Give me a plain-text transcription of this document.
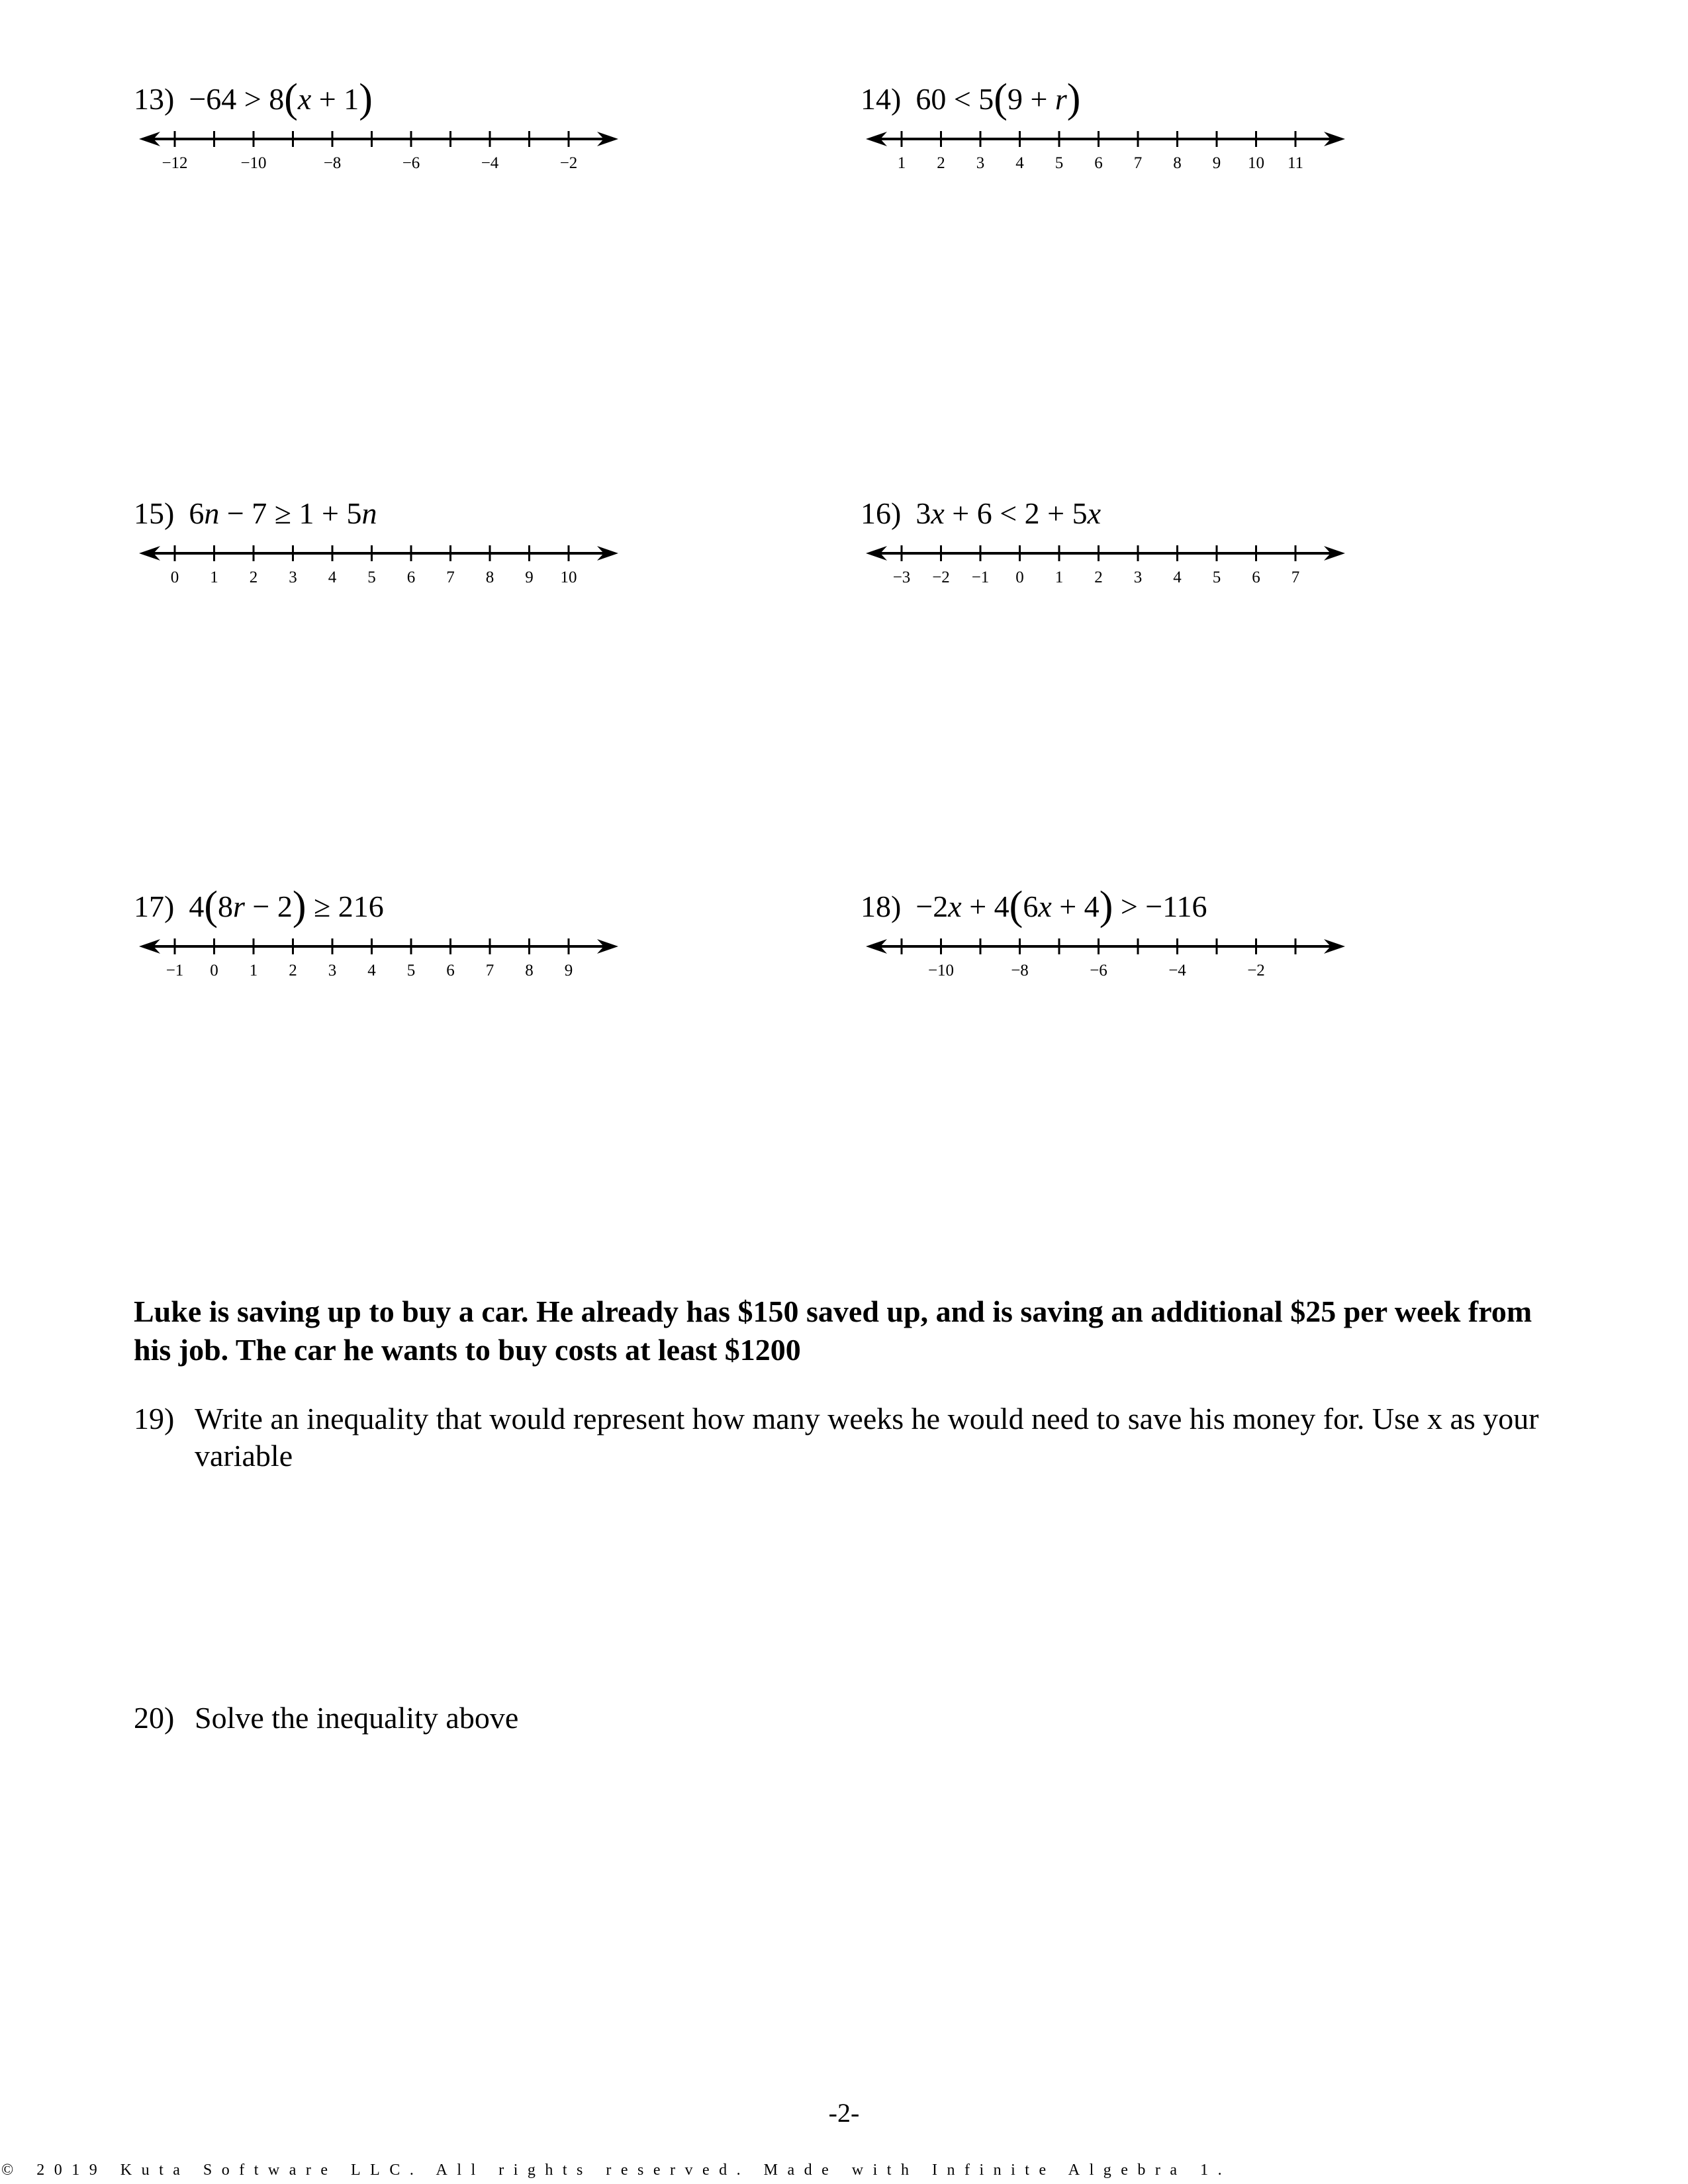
13) −64 > 8(x + 1)
−12	−10	−8	−6	−4	−2
14) 60 < 5(9 + r)
1 2 3 4 5 6 7 8 9 10 11
15) 6n − 7 ≥ 1 + 5n
0 1 2 3 4 5 6 7 8 9 10
16) 3x + 6 < 2 + 5x
−3 −2 −1 0 1 2 3 4 5 6 7
17) 4(8r − 2) ≥ 216
−1 0 1 2 3 4 5 6 7 8 9
18) −2x + 4(6x + 4) > −116
−10	−8	−6	−4	−2
Luke is saving up to buy a car. He already has $150 saved up, and is saving an additional $25 per week from his job. The car he wants to buy costs at least $1200
19) Write an inequality that would represent how many weeks he would need to save his money for. Use x as your variable
20) Solve the inequality above
-2-
© 2019 Kuta Software LLC. All rights reserved. Made with Infinite Algebra 1.
